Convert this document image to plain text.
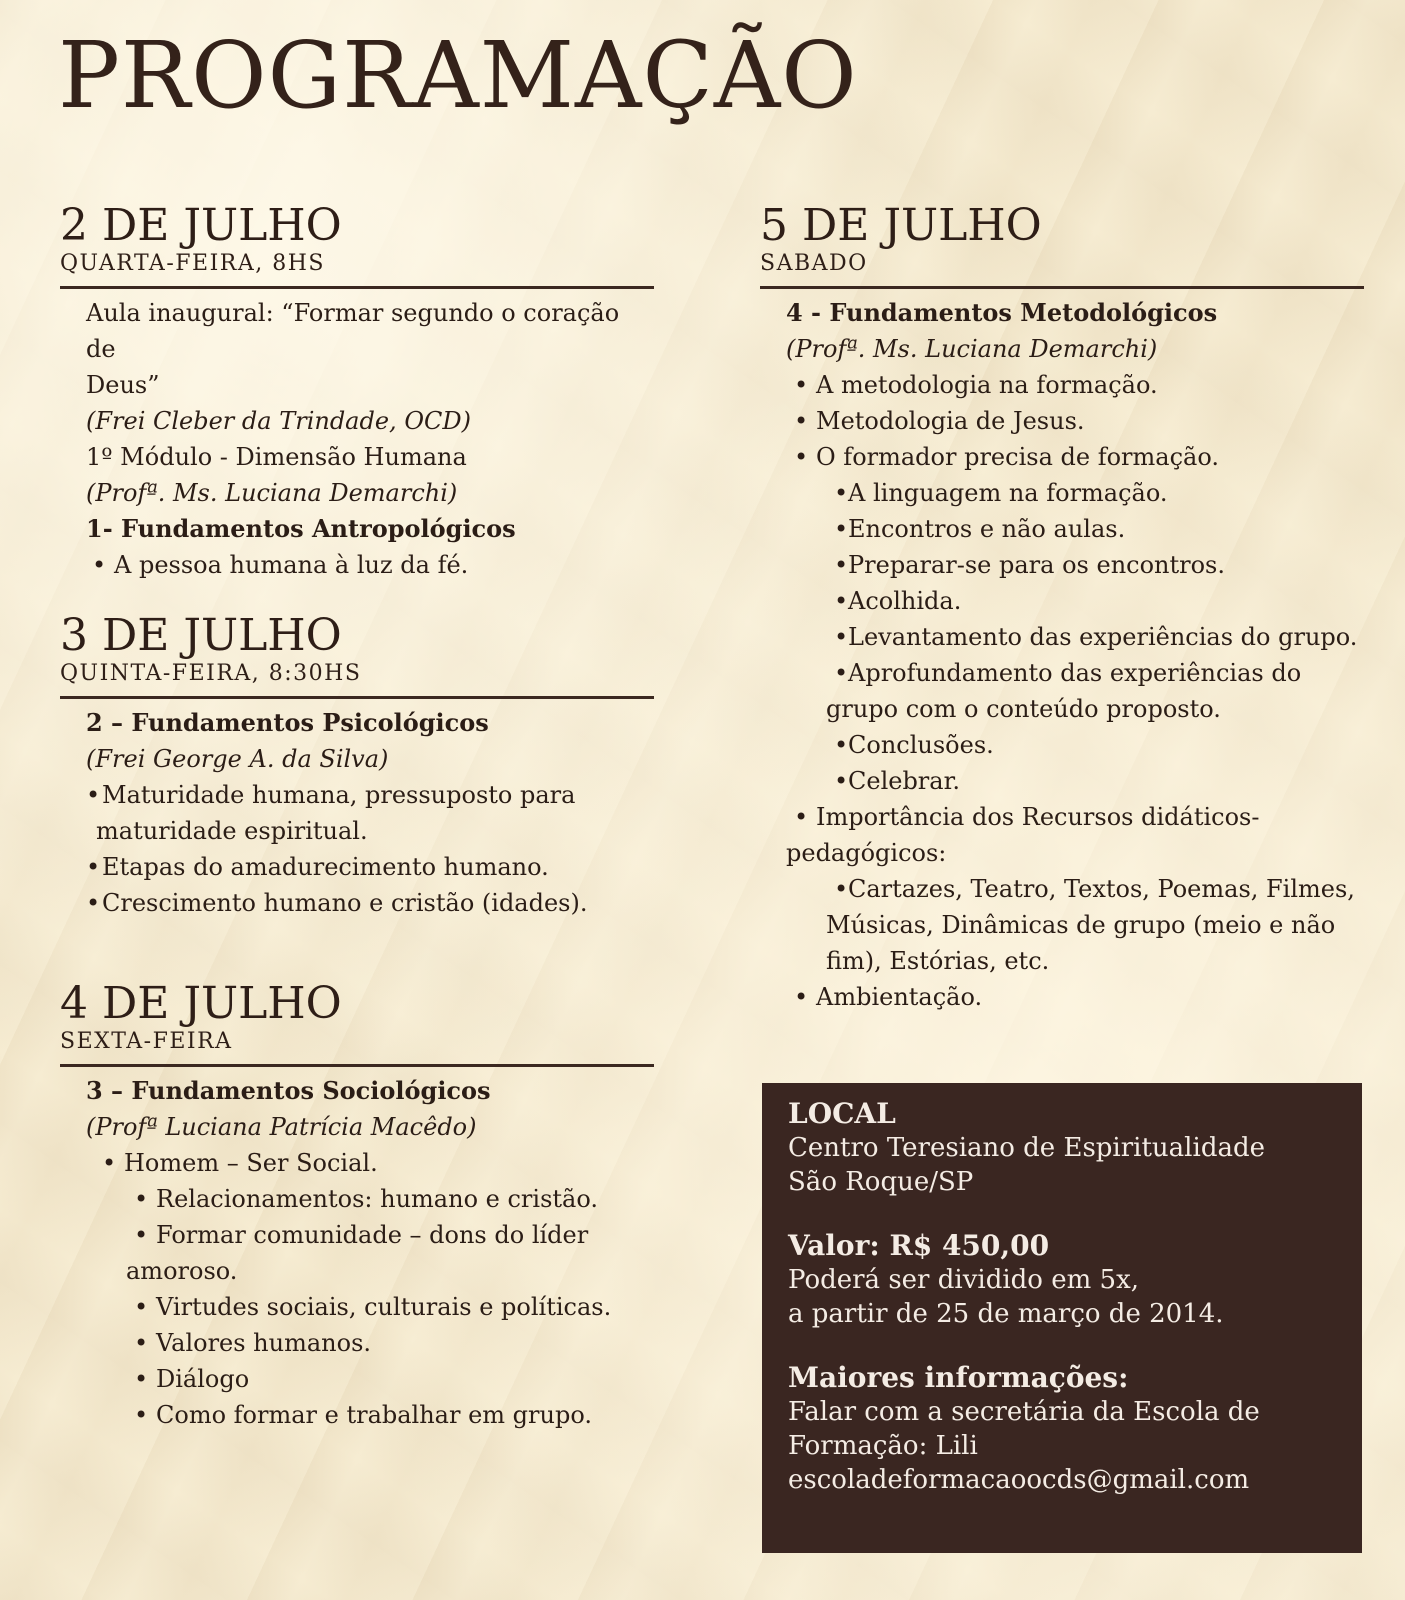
PROGRAMAÇÃO
2 DE JULHO
QUARTA-FEIRA, 8HS
Aula inaugural: “Formar segundo o coração de
Deus”
(Frei Cleber da Trindade, OCD)
1º Módulo - Dimensão Humana
(Profª. Ms. Luciana Demarchi)
1- Fundamentos Antropológicos
• A pessoa humana à luz da fé.
3 DE JULHO
QUINTA-FEIRA, 8:30HS
2 – Fundamentos Psicológicos
(Frei George A. da Silva)
•Maturidade humana, pressuposto para
maturidade espiritual.
•Etapas do amadurecimento humano.
•Crescimento humano e cristão (idades).
4 DE JULHO
SEXTA-FEIRA
3 – Fundamentos Sociológicos
(Profª Luciana Patrícia Macêdo)
• Homem – Ser Social.
• Relacionamentos: humano e cristão.
• Formar comunidade – dons do líder
amoroso.
• Virtudes sociais, culturais e políticas.
• Valores humanos.
• Diálogo
• Como formar e trabalhar em grupo.
5 DE JULHO
SABADO
4 - Fundamentos Metodológicos
(Profª. Ms. Luciana Demarchi)
• A metodologia na formação.
• Metodologia de Jesus.
• O formador precisa de formação.
•A linguagem na formação.
•Encontros e não aulas.
•Preparar-se para os encontros.
•Acolhida.
•Levantamento das experiências do grupo.
•Aprofundamento das experiências do
grupo com o conteúdo proposto.
•Conclusões.
•Celebrar.
• Importância dos Recursos didáticos-
pedagógicos:
•Cartazes, Teatro, Textos, Poemas, Filmes,
Músicas, Dinâmicas de grupo (meio e não
fim), Estórias, etc.
• Ambientação.
LOCAL
Centro Teresiano de Espiritualidade
São Roque/SP
Valor: R$ 450,00
Poderá ser dividido em 5x,
a partir de 25 de março de 2014.
Maiores informações:
Falar com a secretária da Escola de
Formação: Lili
escoladeformacaoocds@gmail.com
